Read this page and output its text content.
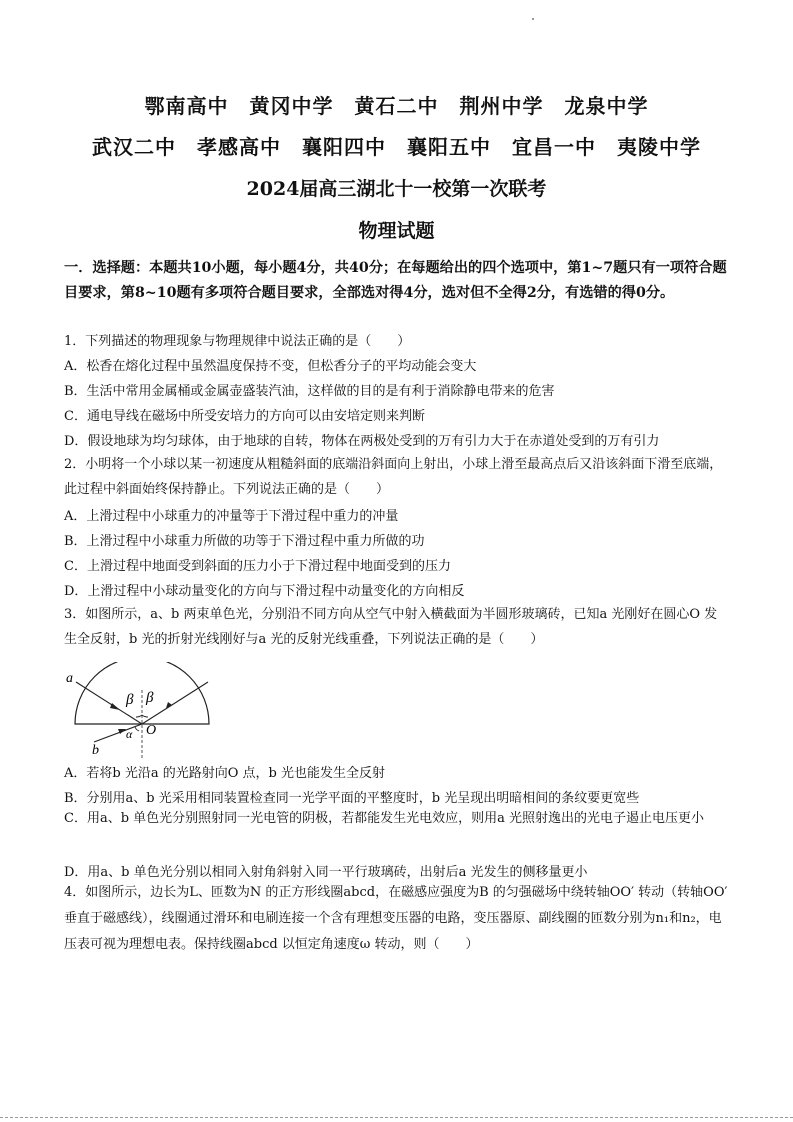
鄂南高中　黄冈中学　黄石二中　荆州中学　龙泉中学
武汉二中　孝感高中　襄阳四中　襄阳五中　宜昌一中　夷陵中学
2024届高三湖北十一校第一次联考
物理试题
一．选择题：本题共10小题，每小题4分，共40分；在每题给出的四个选项中，第1~7题只有一项符合题目要求，第8~10题有多项符合题目要求，全部选对得4分，选对但不全得2分，有选错的得0分。
1．下列描述的物理现象与物理规律中说法正确的是（　　）
A．松香在熔化过程中虽然温度保持不变，但松香分子的平均动能会变大
B．生活中常用金属桶或金属壶盛装汽油，这样做的目的是有利于消除静电带来的危害
C．通电导线在磁场中所受安培力的方向可以由安培定则来判断
D．假设地球为均匀球体，由于地球的自转，物体在两极处受到的万有引力大于在赤道处受到的万有引力
2．小明将一个小球以某一初速度从粗糙斜面的底端沿斜面向上射出，小球上滑至最高点后又沿该斜面下滑至底端，此过程中斜面始终保持静止。下列说法正确的是（　　）
A．上滑过程中小球重力的冲量等于下滑过程中重力的冲量
B．上滑过程中小球重力所做的功等于下滑过程中重力所做的功
C．上滑过程中地面受到斜面的压力小于下滑过程中地面受到的压力
D．上滑过程中小球动量变化的方向与下滑过程中动量变化的方向相反
3．如图所示，a、b 两束单色光，分别沿不同方向从空气中射入横截面为半圆形玻璃砖，已知a 光刚好在圆心O 发生全反射，b 光的折射光线刚好与a 光的反射光线重叠，下列说法正确的是（　　）
a
β β
α O
b
A．若将b 光沿a 的光路射向O 点，b 光也能发生全反射
B．分别用a、b 光采用相同装置检查同一光学平面的平整度时，b 光呈现出明暗相间的条纹要更宽些
C．用a、b 单色光分别照射同一光电管的阴极，若都能发生光电效应，则用a 光照射逸出的光电子遏止电压更小
D．用a、b 单色光分别以相同入射角斜射入同一平行玻璃砖，出射后a 光发生的侧移量更小
4．如图所示，边长为L、匝数为N 的正方形线圈abcd，在磁感应强度为B 的匀强磁场中绕转轴OO′ 转动（转轴OO′ 垂直于磁感线），线圈通过滑环和电刷连接一个含有理想变压器的电路，变压器原、副线圈的匝数分别为n₁和n₂，电压表可视为理想电表。保持线圈abcd 以恒定角速度ω 转动，则（　　）
